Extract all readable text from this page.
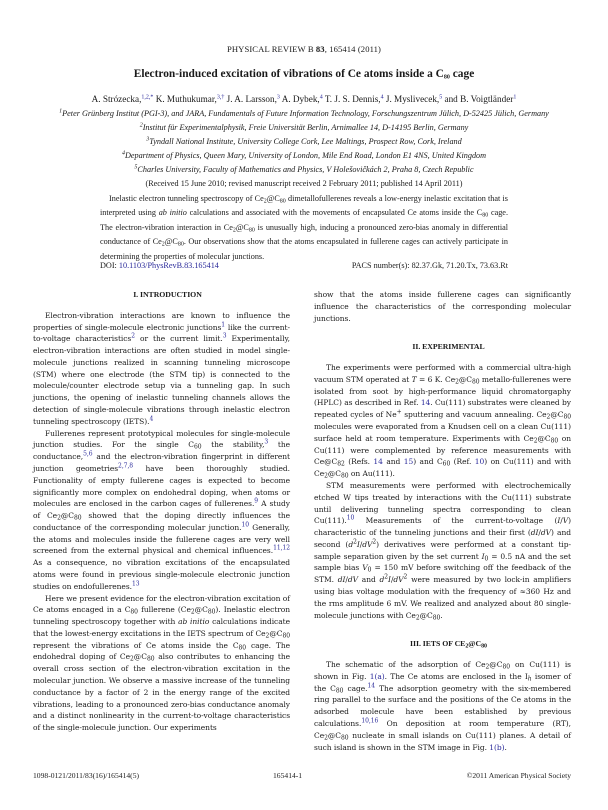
PHYSICAL REVIEW B 83, 165414 (2011)
Electron-induced excitation of vibrations of Ce atoms inside a $C_{80}$ cage
A. Strózecka,$^{1,2,*}$ K. Muthukumar,$^{3,\dagger}$ J. A. Larsson,$^3$ A. Dybek,$^4$ T. J. S. Dennis,$^4$ J. Myslivecek,$^5$ and B. Voigtländer$^1$
$^1$Peter Grünberg Institut (PGI-3), and JARA, Fundamentals of Future Information Technology, Forschungszentrum Jülich, D-52425 Jülich, Germany
$^2$Institut für Experimentalphysik, Freie Universität Berlin, Arnimallee 14, D-14195 Berlin, Germany
$^3$Tyndall National Institute, University College Cork, Lee Maltings, Prospect Row, Cork, Ireland
$^4$Department of Physics, Queen Mary, University of London, Mile End Road, London E1 4NS, United Kingdom
$^5$Charles University, Faculty of Mathematics and Physics, V Holešovičkách 2, Praha 8, Czech Republic
(Received 15 June 2010; revised manuscript received 2 February 2011; published 14 April 2011)
Inelastic electron tunneling spectroscopy of $Ce_2@C_{80}$ dimetallofullerenes reveals a low-energy inelastic excitation that is interpreted using ab initio calculations and associated with the movements of encapsulated Ce atoms inside the $C_{80}$ cage. The electron-vibration interaction in $Ce_2@C_{80}$ is unusually high, inducing a pronounced zero-bias anomaly in differential conductance of $Ce_2@C_{80}$. Our observations show that the atoms encapsulated in fullerene cages can actively participate in determining the properties of molecular junctions.
DOI: 10.1103/PhysRevB.83.165414	PACS number(s): 82.37.Gk, 71.20.Tx, 73.63.Rt

I. INTRODUCTION

Electron-vibration interactions are known to influence the properties of single-molecule electronic junctions$^1$ like the current-to-voltage characteristics$^2$ or the current limit.$^3$ Experimentally, electron-vibration interactions are often studied in model single-molecule junctions realized in scanning tunneling microscope (STM) where one electrode (the STM tip) is connected to the molecule/counter electrode setup via a tunneling gap. In such junctions, the opening of inelastic tunneling channels allows the detection of single-molecule vibrations through inelastic electron tunneling spectroscopy (IETS).$^4$

Fullerenes represent prototypical molecules for single-molecule junction studies. For the single $C_{60}$ the stability,$^3$ the conductance,$^{5,6}$ and the electron-vibration fingerprint in different junction geometries$^{2,7,8}$ have been thoroughly studied. Functionality of empty fullerene cages is expected to become significantly more complex on endohedral doping, when atoms or molecules are enclosed in the carbon cages of fullerenes.$^9$ A study of $Ce_2@C_{80}$ showed that the doping directly influences the conductance of the corresponding molecular junction.$^{10}$ Generally, the atoms and molecules inside the fullerene cages are very well screened from the external physical and chemical influences.$^{11,12}$ As a consequence, no vibration excitations of the encapsulated atoms were found in previous single-molecule electronic junction studies on endofullerenes.$^{13}$

Here we present evidence for the electron-vibration excitation of Ce atoms encaged in a $C_{80}$ fullerene $(Ce_2@C_{80})$. Inelastic electron tunneling spectroscopy together with ab initio calculations indicate that the lowest-energy excitations in the IETS spectrum of $Ce_2@C_{80}$ represent the vibrations of Ce atoms inside the $C_{80}$ cage. The endohedral doping of $Ce_2@C_{80}$ also contributes to enhancing the overall cross section of the electron-vibration excitation in the molecular junction. We observe a massive increase of the tunneling conductance by a factor of 2 in the energy range of the excited vibrations, leading to a pronounced zero-bias conductance anomaly and a distinct nonlinearity in the current-to-voltage characteristics of the single-molecule junction. Our experiments

show that the atoms inside fullerene cages can significantly influence the characteristics of the corresponding molecular junctions.

II. EXPERIMENTAL

The experiments were performed with a commercial ultra-high vacuum STM operated at T = 6 K. $Ce_2@C_{80}$ metallo-fullerenes were isolated from soot by high-performance liquid chromatorgaphy (HPLC) as described in Ref. 14. Cu(111) substrates were cleaned by repeated cycles of Ne+ sputtering and vacuum annealing. $Ce_2@C_{80}$ molecules were evaporated from a Knudsen cell on a clean Cu(111) surface held at room temperature. Experiments with $Ce_2@C_{80}$ on Cu(111) were complemented by reference measurements with $Ce@C_{82}$ (Refs. 14 and 15) and $C_{60}$ (Ref. 10) on Cu(111) and with $Ce_2@C_{80}$ on Au(111).

STM measurements were performed with electrochemically etched W tips treated by interactions with the Cu(111) substrate until delivering tunneling spectra corresponding to clean Cu(111).$^{10}$ Measurements of the current-to-voltage (I/V) characteristic of the tunneling junctions and their first (dI/dV) and second $(d^2I/dV^2)$ derivatives were performed at a constant tip-sample separation given by the set current $I_0 = 0.5$ nA and the set sample bias $V_0 = 150$ mV before switching off the feedback of the STM. dI/dV and $d^2I/dV^2$ were measured by two lock-in amplifiers using bias voltage modulation with the frequency of ≈360 Hz and the rms amplitude 6 mV. We realized and analyzed about 80 single-molecule junctions with $Ce_2@C_{80}$.

III. IETS OF $CE_2@C_{80}$

The schematic of the adsorption of $Ce_2@C_{80}$ on Cu(111) is shown in Fig. 1(a). The Ce atoms are enclosed in the $I_h$ isomer of the $C_{80}$ cage.$^{14}$ The adsorption geometry with the six-membered ring parallel to the surface and the positions of the Ce atoms in the adsorbed molecule have been established by previous calculations.$^{10,16}$ On deposition at room temperature (RT), $Ce_2@C_{80}$ nucleate in small islands on Cu(111) planes. A detail of such island is shown in the STM image in Fig. 1(b).

1098-0121/2011/83(16)/165414(5)	165414-1	©2011 American Physical Society
